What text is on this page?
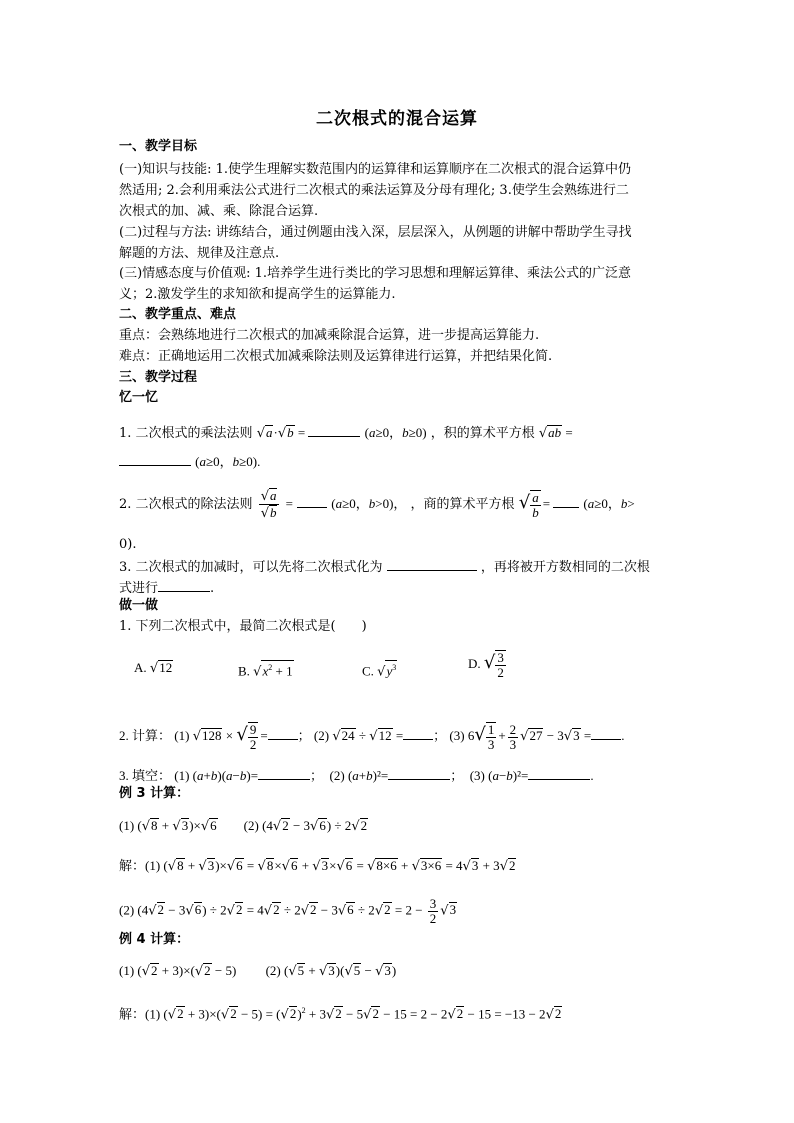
二次根式的混合运算
一、教学目标
(一)知识与技能: 1.使学生理解实数范围内的运算律和运算顺序在二次根式的混合运算中仍
然适用; 2.会利用乘法公式进行二次根式的乘法运算及分母有理化; 3.使学生会熟练进行二
次根式的加、减、乘、除混合运算.
(二)过程与方法: 讲练结合，通过例题由浅入深，层层深入，从例题的讲解中帮助学生寻找
解题的方法、规律及注意点.
(三)情感态度与价值观: 1.培养学生进行类比的学习思想和理解运算律、乘法公式的广泛意
义；2.激发学生的求知欲和提高学生的运算能力.
二、教学重点、难点
重点：会熟练地进行二次根式的加减乘除混合运算，进一步提高运算能力.
难点：正确地运用二次根式加减乘除法则及运算律进行运算，并把结果化简.
三、教学过程
忆一忆
1. 二次根式的乘法法则 √a·√b =	(a≥0，b≥0) ，积的算术平方根 √ab =
(a≥0，b≥0).
2. 二次根式的除法法则 $\frac{√a}{√b}$ =	(a≥0，b>0)， ，商的算术平方根 √ $\frac{a}{b} = (a\ge 0$，b>
0).
3. 二次根式的加减时，可以先将二次根式化为	，再将被开方数相同的二次根
式进行	.
做一做
1. 下列二次根式中，最简二次根式是(　　)
A. √12	B. $√x^2 + 1$	C. $√y^3$	D. √ $\frac{3}{2}$
2. 计算： (1) √128 × √ $\frac{9}{2}$ = ； (2) √24 ÷ √12 = ； (3) $6√ \frac{1}{3} + \frac{2}{3} √27 - 3√3$ = .
3. 填空： (1) (a+b)(a−b)=	；  (2) (a+b)²=	；  (3) (a−b)²=	.
例 3 计算：
(1) (√8 + √3)×√6        (2) (4√2 − 3√6) ÷ 2√2
解：(1) (√8 + √3)×√6 = √8×√6 + √3×√6 = √8×6 + √3×6 = 4√3 + 3√2
(2) $(4√2 - 3√6) \div 2√2 = 4√2 \div 2√2 - 3√6 \div 2√2 = 2 - \frac{3}{2} √3$
例 4 计算：
(1) (√2 + 3)×(√2 − 5)         (2) (√5 + √3)(√5 − √3)
解：(1) $(√2 + 3)\times(√2 - 5) = (√2)^2 + 3√2 - 5√2 - 15 = 2 - 2√2 - 15 = -13 - 2√2$
